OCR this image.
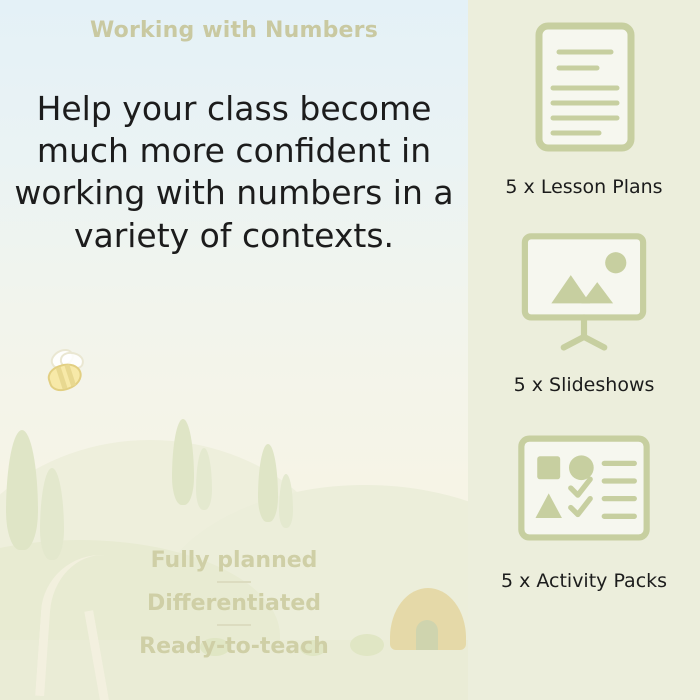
Working with Numbers
Help your class become much more confident in working with numbers in a variety of contexts.

Fully planned

Differentiated

Ready-to-teach

5 x Lesson Plans
5 x Slideshows
5 x Activity Packs
